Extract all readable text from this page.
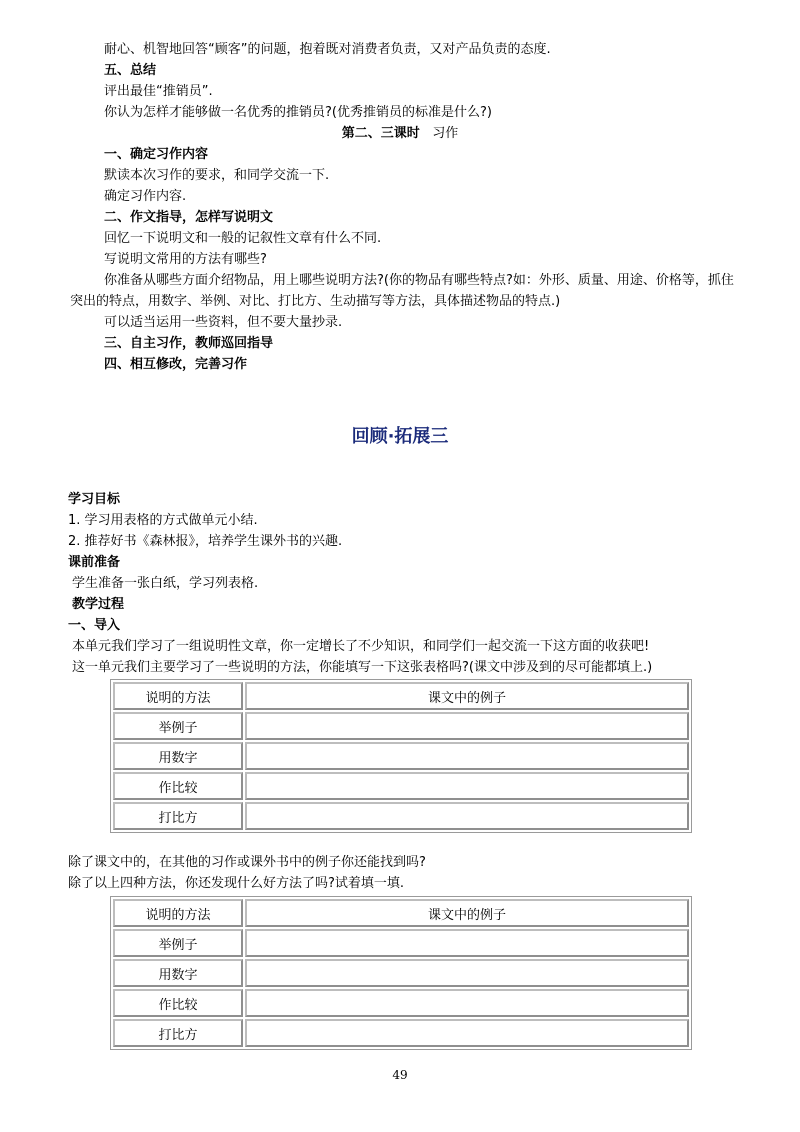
耐心、机智地回答“顾客”的问题，抱着既对消费者负责，又对产品负责的态度.
五、总结
评出最佳“推销员”.
你认为怎样才能够做一名优秀的推销员?(优秀推销员的标准是什么?)
第二、三课时 习作
一、确定习作内容
默读本次习作的要求，和同学交流一下.
确定习作内容.
二、作文指导，怎样写说明文
回忆一下说明文和一般的记叙性文章有什么不同.
写说明文常用的方法有哪些?
你准备从哪些方面介绍物品，用上哪些说明方法?(你的物品有哪些特点?如：外形、质量、用途、价格等，抓住
突出的特点，用数字、举例、对比、打比方、生动描写等方法，具体描述物品的特点.)
可以适当运用一些资料，但不要大量抄录.
三、自主习作，教师巡回指导
四、相互修改，完善习作
回顾·拓展三
学习目标
1. 学习用表格的方式做单元小结.
2. 推荐好书《森林报》，培养学生课外书的兴趣.
课前准备
学生准备一张白纸，学习列表格.
教学过程
一、导入
本单元我们学习了一组说明性文章，你一定增长了不少知识，和同学们一起交流一下这方面的收获吧!
这一单元我们主要学习了一些说明的方法，你能填写一下这张表格吗?(课文中涉及到的尽可能都填上.)
说明的方法	课文中的例子
举例子	
用数字	
作比较	
打比方	
除了课文中的，在其他的习作或课外书中的例子你还能找到吗?
除了以上四种方法，你还发现什么好方法了吗?试着填一填.
说明的方法	课文中的例子
举例子	
用数字	
作比较	
打比方	
49
